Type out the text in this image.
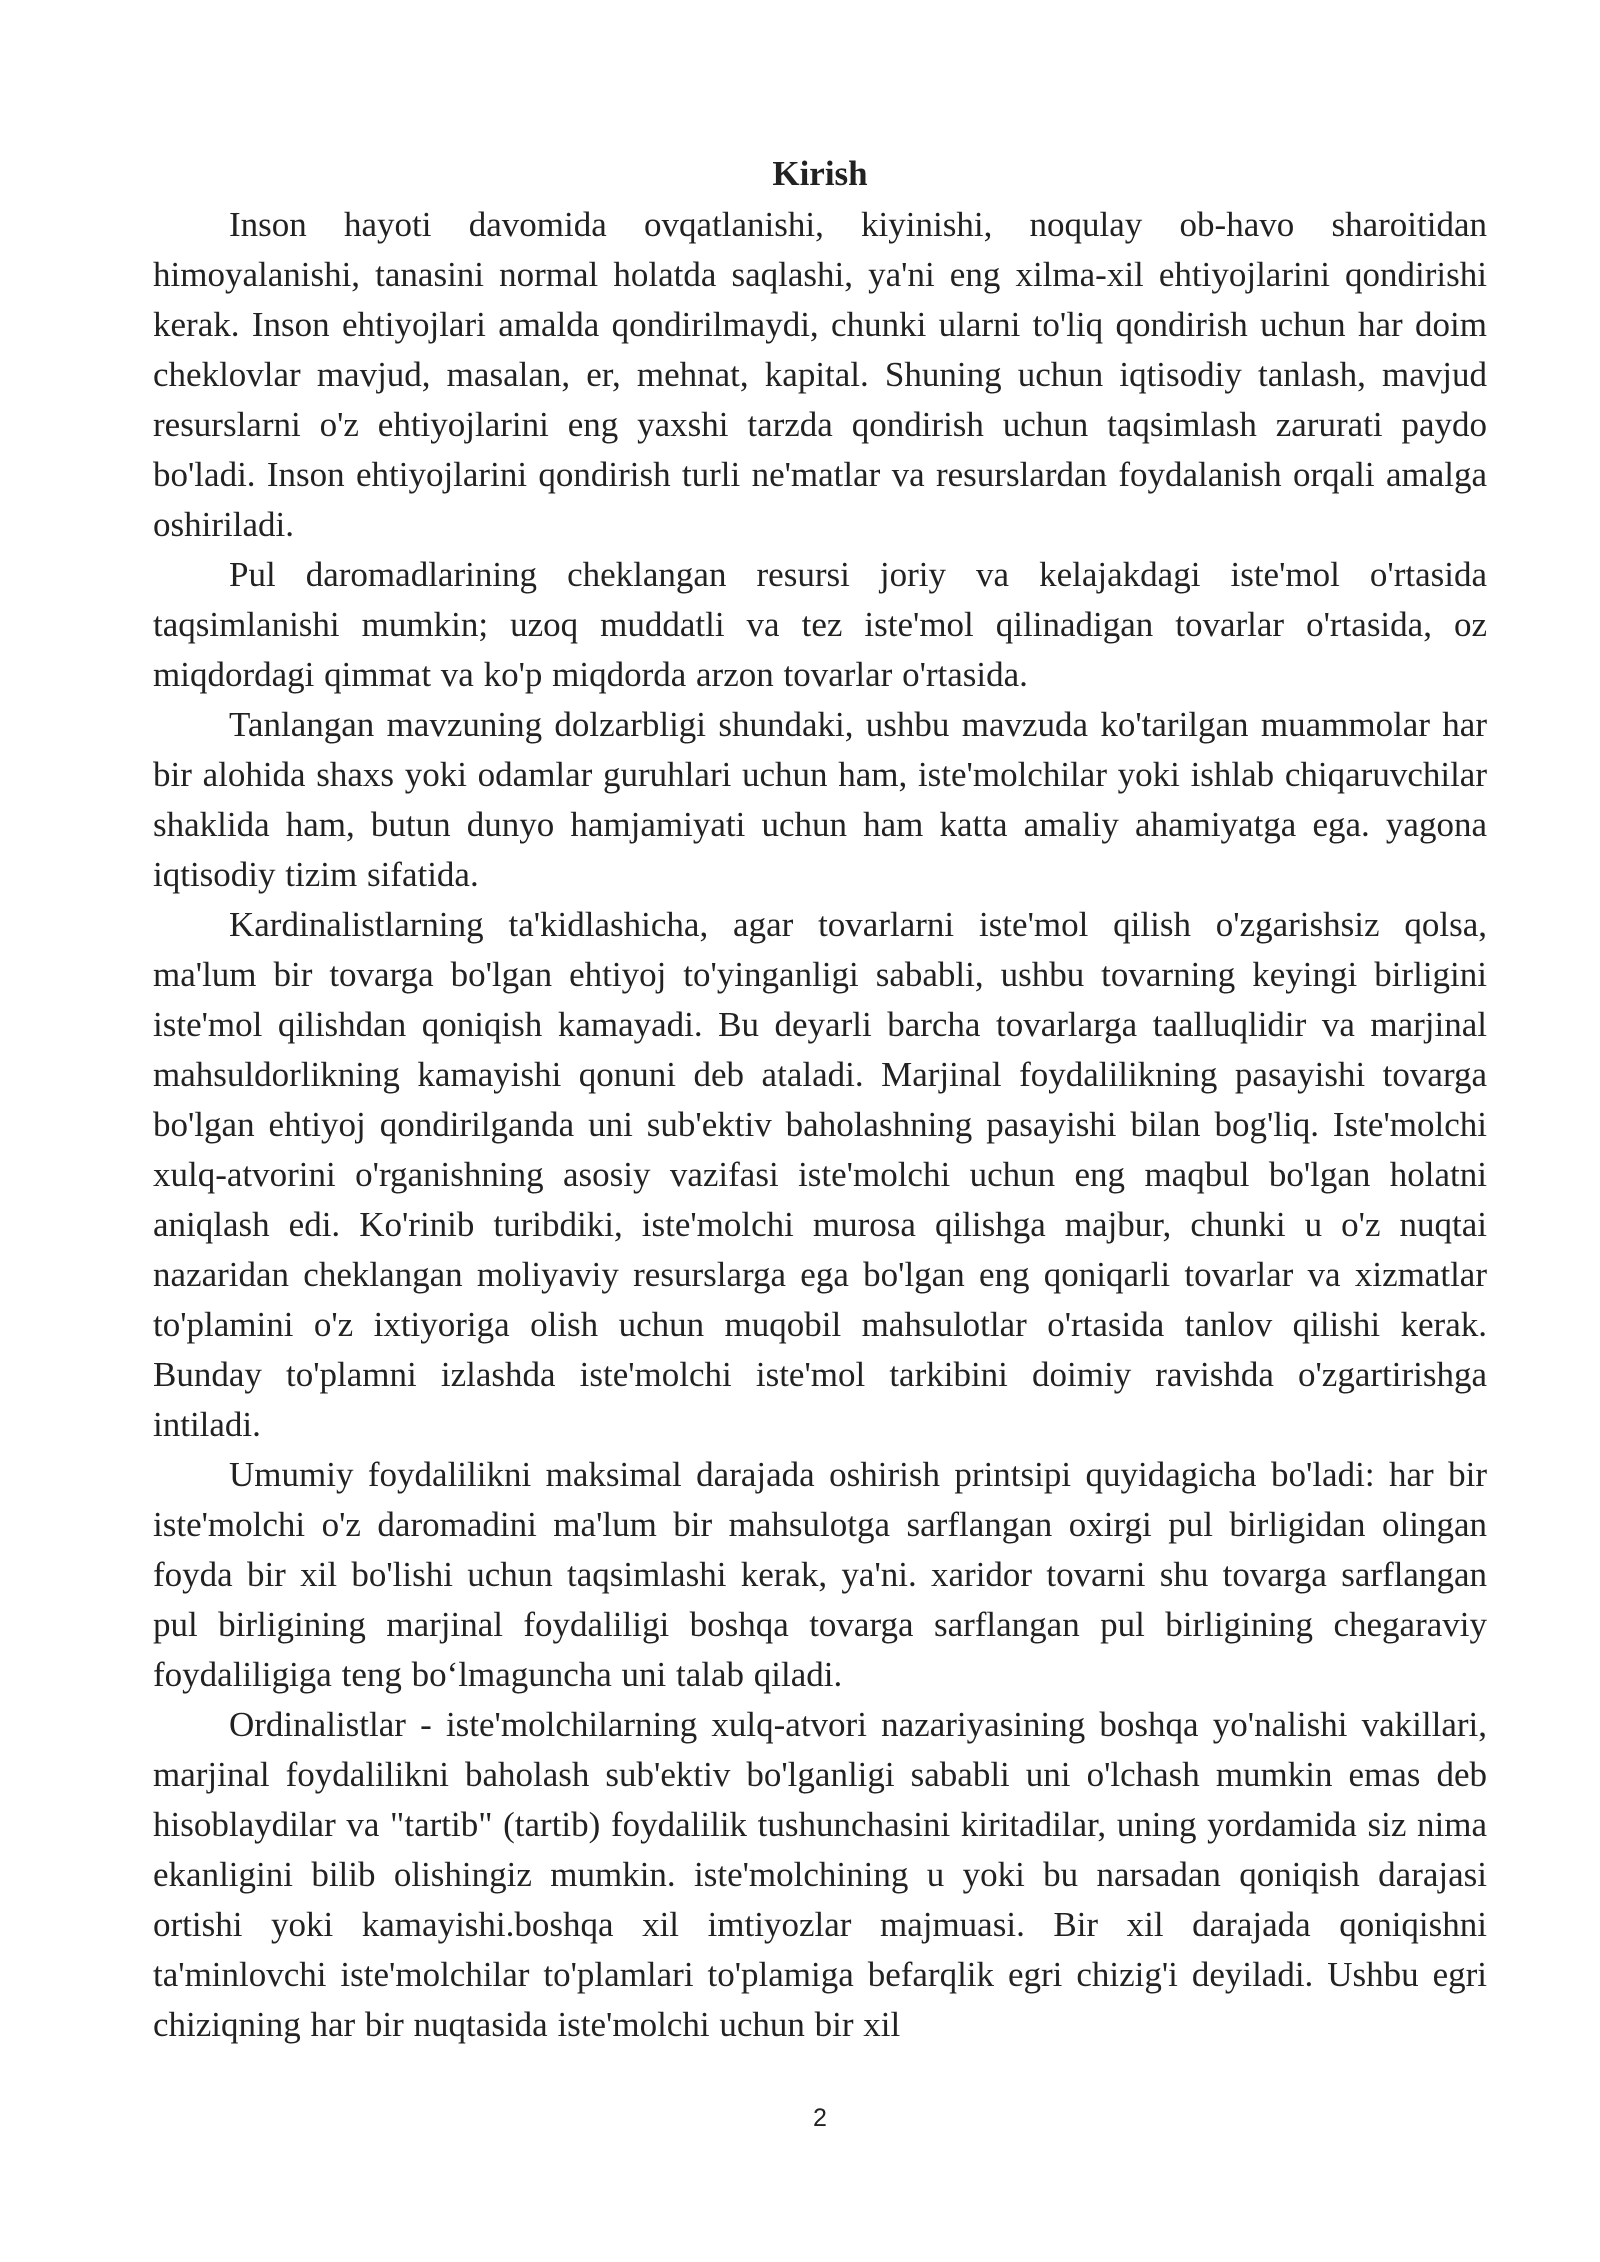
Kirish

Inson hayoti davomida ovqatlanishi, kiyinishi, noqulay ob-havo sharoitidan himoyalanishi, tanasini normal holatda saqlashi, ya'ni eng xilma-xil ehtiyojlarini qondirishi kerak. Inson ehtiyojlari amalda qondirilmaydi, chunki ularni to'liq qondirish uchun har doim cheklovlar mavjud, masalan, er, mehnat, kapital. Shuning uchun iqtisodiy tanlash, mavjud resurslarni o'z ehtiyojlarini eng yaxshi tarzda qondirish uchun taqsimlash zarurati paydo bo'ladi. Inson ehtiyojlarini qondirish turli ne'matlar va resurslardan foydalanish orqali amalga oshiriladi.

Pul daromadlarining cheklangan resursi joriy va kelajakdagi iste'mol o'rtasida taqsimlanishi mumkin; uzoq muddatli va tez iste'mol qilinadigan tovarlar o'rtasida, oz miqdordagi qimmat va ko'p miqdorda arzon tovarlar o'rtasida.

Tanlangan mavzuning dolzarbligi shundaki, ushbu mavzuda ko'tarilgan muammolar har bir alohida shaxs yoki odamlar guruhlari uchun ham, iste'molchilar yoki ishlab chiqaruvchilar shaklida ham, butun dunyo hamjamiyati uchun ham katta amaliy ahamiyatga ega. yagona iqtisodiy tizim sifatida.

Kardinalistlarning ta'kidlashicha, agar tovarlarni iste'mol qilish o'zgarishsiz qolsa, ma'lum bir tovarga bo'lgan ehtiyoj to'yinganligi sababli, ushbu tovarning keyingi birligini iste'mol qilishdan qoniqish kamayadi. Bu deyarli barcha tovarlarga taalluqlidir va marjinal mahsuldorlikning kamayishi qonuni deb ataladi. Marjinal foydalilikning pasayishi tovarga bo'lgan ehtiyoj qondirilganda uni sub'ektiv baholashning pasayishi bilan bog'liq. Iste'molchi xulq-atvorini o'rganishning asosiy vazifasi iste'molchi uchun eng maqbul bo'lgan holatni aniqlash edi. Ko'rinib turibdiki, iste'molchi murosa qilishga majbur, chunki u o'z nuqtai nazaridan cheklangan moliyaviy resurslarga ega bo'lgan eng qoniqarli tovarlar va xizmatlar to'plamini o'z ixtiyoriga olish uchun muqobil mahsulotlar o'rtasida tanlov qilishi kerak. Bunday to'plamni izlashda iste'molchi iste'mol tarkibini doimiy ravishda o'zgartirishga intiladi.

Umumiy foydalilikni maksimal darajada oshirish printsipi quyidagicha bo'ladi: har bir iste'molchi o'z daromadini ma'lum bir mahsulotga sarflangan oxirgi pul birligidan olingan foyda bir xil bo'lishi uchun taqsimlashi kerak, ya'ni. xaridor tovarni shu tovarga sarflangan pul birligining marjinal foydaliligi boshqa tovarga sarflangan pul birligining chegaraviy foydaliligiga teng bo‘lmaguncha uni talab qiladi.

Ordinalistlar - iste'molchilarning xulq-atvori nazariyasining boshqa yo'nalishi vakillari, marjinal foydalilikni baholash sub'ektiv bo'lganligi sababli uni o'lchash mumkin emas deb hisoblaydilar va "tartib" (tartib) foydalilik tushunchasini kiritadilar, uning yordamida siz nima ekanligini bilib olishingiz mumkin. iste'molchining u yoki bu narsadan qoniqish darajasi ortishi yoki kamayishi.boshqa xil imtiyozlar majmuasi. Bir xil darajada qoniqishni ta'minlovchi iste'molchilar to'plamlari to'plamiga befarqlik egri chizig'i deyiladi. Ushbu egri chiziqning har bir nuqtasida iste'molchi uchun bir xil

2
